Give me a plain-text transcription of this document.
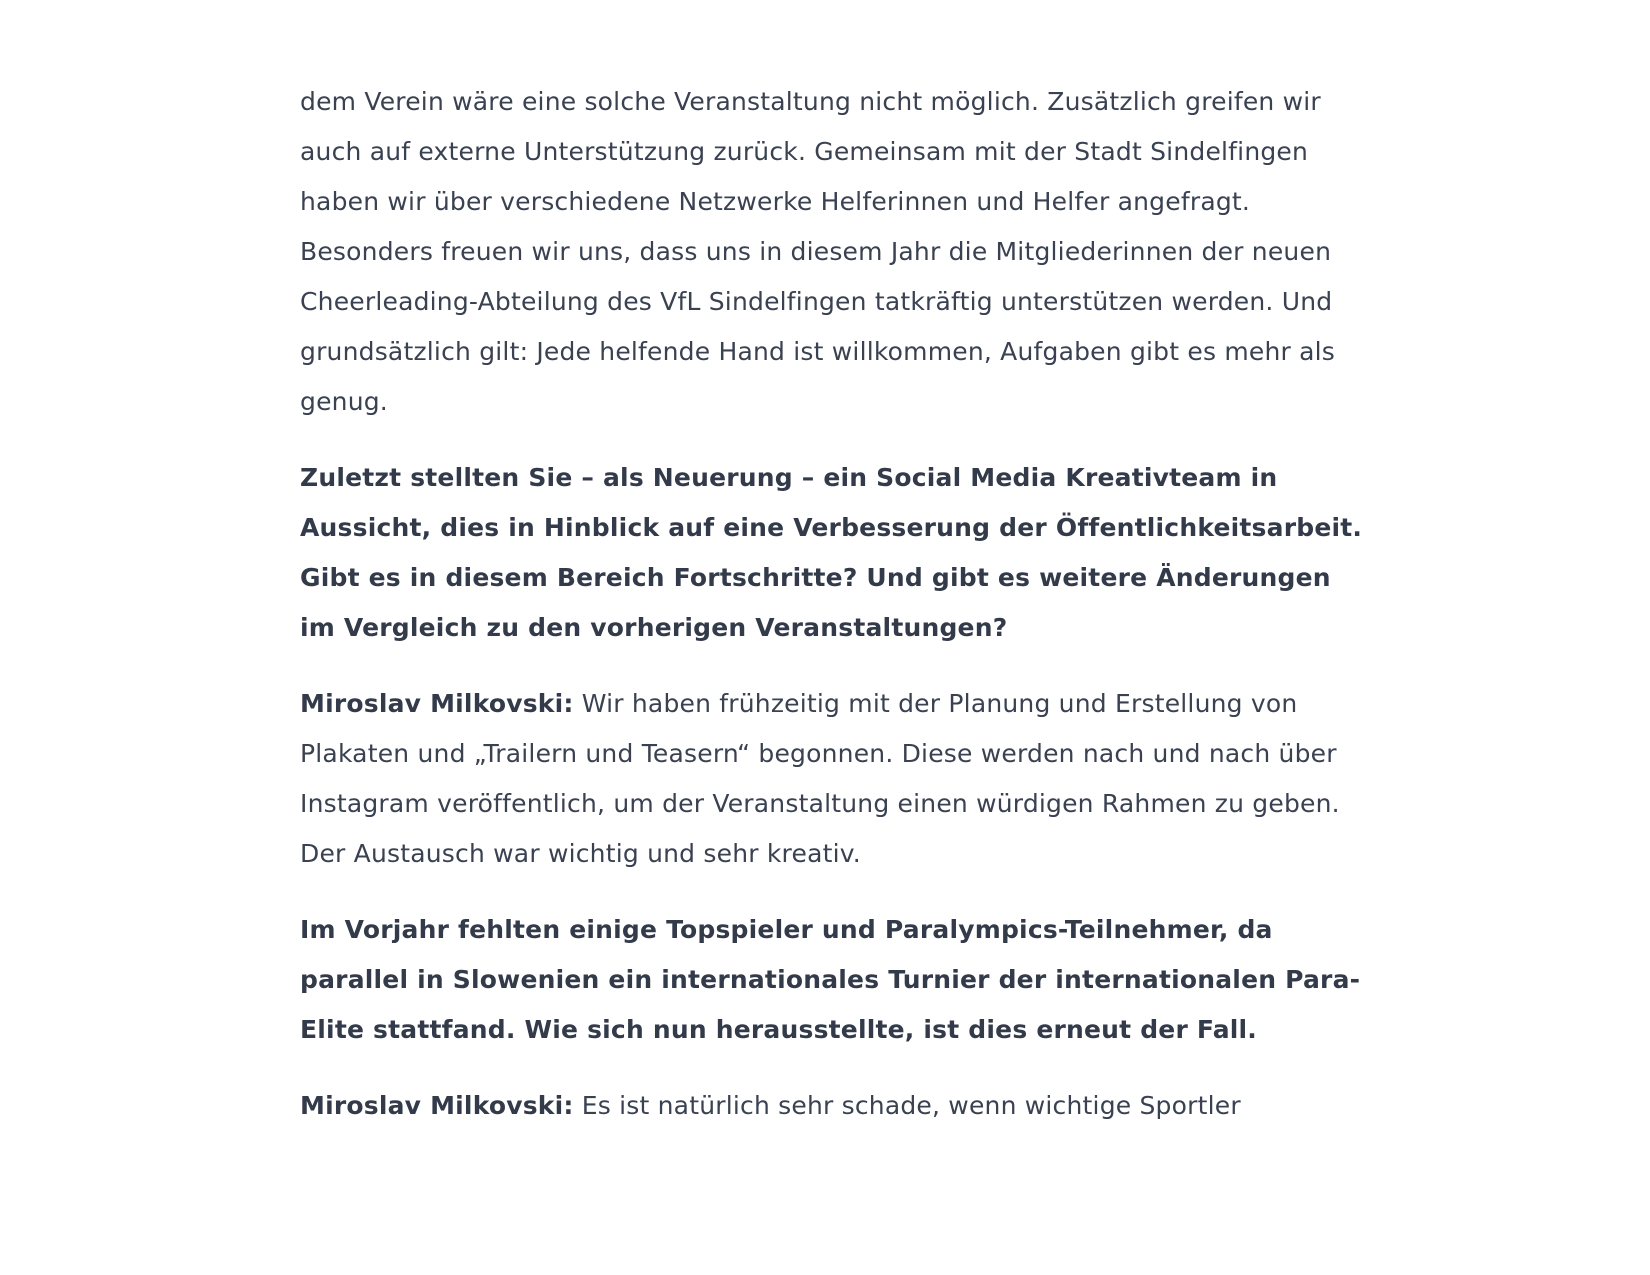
dem Verein wäre eine solche Veranstaltung nicht möglich. Zusätzlich greifen wir auch auf externe Unterstützung zurück. Gemeinsam mit der Stadt Sindelfingen haben wir über verschiedene Netzwerke Helferinnen und Helfer angefragt. Besonders freuen wir uns, dass uns in diesem Jahr die Mitgliederinnen der neuen Cheerleading-Abteilung des VfL Sindelfingen tatkräftig unterstützen werden. Und grundsätzlich gilt: Jede helfende Hand ist willkommen, Aufgaben gibt es mehr als genug.

Zuletzt stellten Sie – als Neuerung – ein Social Media Kreativteam in Aussicht, dies in Hinblick auf eine Verbesserung der Öffentlichkeitsarbeit. Gibt es in diesem Bereich Fortschritte? Und gibt es weitere Änderungen im Vergleich zu den vorherigen Veranstaltungen?

Miroslav Milkovski: Wir haben frühzeitig mit der Planung und Erstellung von Plakaten und „Trailern und Teasern“ begonnen. Diese werden nach und nach über Instagram veröffentlich, um der Veranstaltung einen würdigen Rahmen zu geben. Der Austausch war wichtig und sehr kreativ.

Im Vorjahr fehlten einige Topspieler und Paralympics-Teilnehmer, da parallel in Slowenien ein internationales Turnier der internationalen Para-Elite stattfand. Wie sich nun herausstellte, ist dies erneut der Fall.

Miroslav Milkovski: Es ist natürlich sehr schade, wenn wichtige Sportler
